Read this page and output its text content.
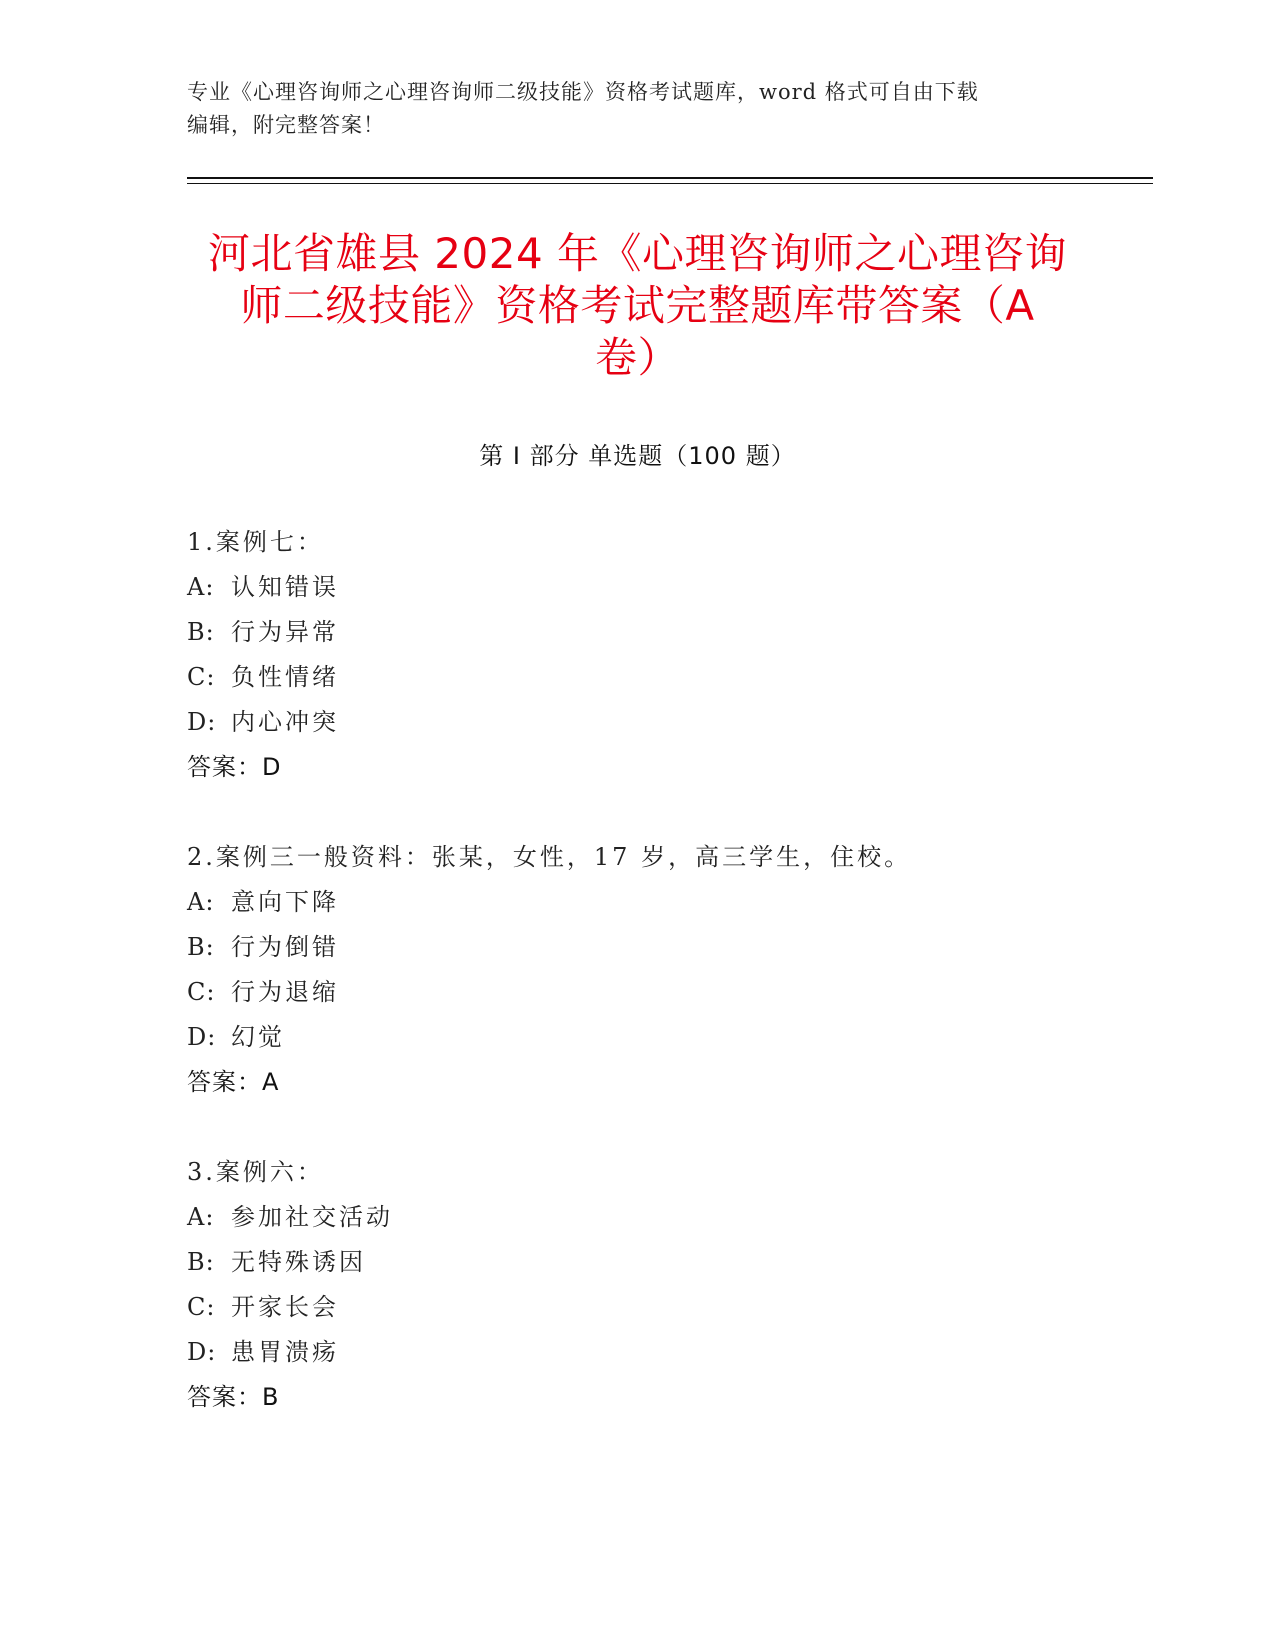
专业《心理咨询师之心理咨询师二级技能》资格考试题库，word 格式可自由下载
编辑，附完整答案！
河北省雄县 2024 年《心理咨询师之心理咨询
师二级技能》资格考试完整题库带答案（A
卷）
第 I 部分 单选题（100 题）
1.案例七：
A: 认知错误
B: 行为异常
C: 负性情绪
D: 内心冲突
答案：D
2.案例三一般资料：张某，女性，17 岁，高三学生，住校。
A: 意向下降
B: 行为倒错
C: 行为退缩
D: 幻觉
答案：A
3.案例六：
A: 参加社交活动
B: 无特殊诱因
C: 开家长会
D: 患胃溃疡
答案：B
